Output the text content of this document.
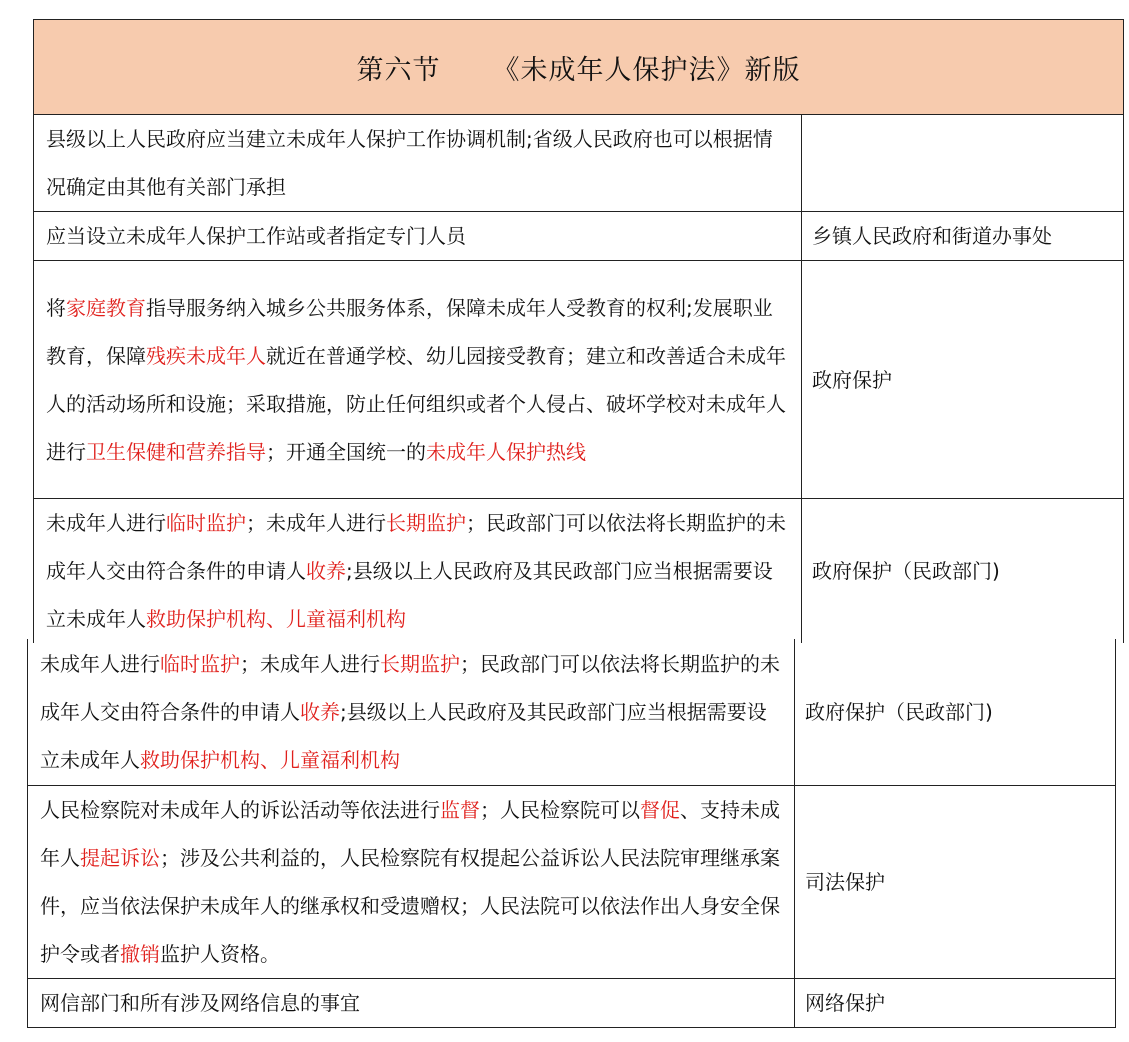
第六节 《未成年人保护法》新版	
县级以上人民政府应当建立未成年人保护工作协调机制;省级人民政府也可以根据情况确定由其他有关部门承担	
应当设立未成年人保护工作站或者指定专门人员	乡镇人民政府和街道办事处
将家庭教育指导服务纳入城乡公共服务体系，保障未成年人受教育的权利;发展职业教育，保障残疾未成年人就近在普通学校、幼儿园接受教育；建立和改善适合未成年人的活动场所和设施；采取措施，防止任何组织或者个人侵占、破坏学校对未成年人进行卫生保健和营养指导；开通全国统一的未成年人保护热线	政府保护
未成年人进行临时监护；未成年人进行长期监护；民政部门可以依法将长期监护的未成年人交由符合条件的申请人收养;县级以上人民政府及其民政部门应当根据需要设立未成年人救助保护机构、儿童福利机构	政府保护（民政部门)
未成年人进行临时监护；未成年人进行长期监护；民政部门可以依法将长期监护的未成年人交由符合条件的申请人收养;县级以上人民政府及其民政部门应当根据需要设立未成年人救助保护机构、儿童福利机构	政府保护（民政部门)
人民检察院对未成年人的诉讼活动等依法进行监督；人民检察院可以督促、支持未成年人提起诉讼；涉及公共利益的，人民检察院有权提起公益诉讼人民法院审理继承案件，应当依法保护未成年人的继承权和受遗赠权；人民法院可以依法作出人身安全保护令或者撤销监护人资格。	司法保护
网信部门和所有涉及网络信息的事宜	网络保护
